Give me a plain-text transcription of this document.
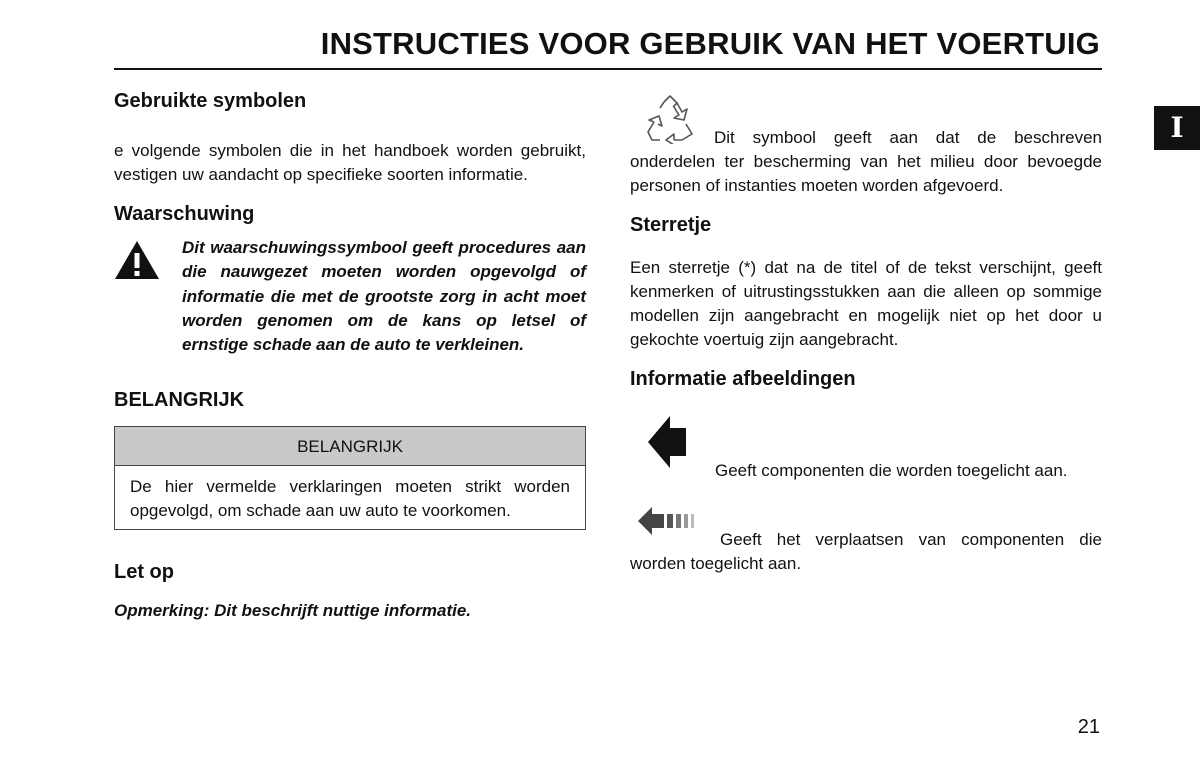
INSTRUCTIES VOOR GEBRUIK VAN HET VOERTUIG
I
Gebruikte symbolen
e volgende symbolen die in het handboek worden gebruikt, vestigen uw aandacht op specifieke soorten informatie.
Waarschuwing
Dit waarschuwingssymbool geeft procedures aan die nauwgezet moeten worden opgevolgd of informatie die met de grootste zorg in acht moet worden genomen om de kans op letsel of ernstige schade aan de auto te verkleinen.
BELANGRIJK
BELANGRIJK
De hier vermelde verklaringen moeten strikt worden opgevolgd, om schade aan uw auto te voorkomen.
Let op
Opmerking: Dit beschrijft nuttige informatie.
Dit symbool geeft aan dat de beschreven onderdelen ter bescherming van het milieu door bevoegde personen of instanties moeten worden afgevoerd.
Sterretje
Een sterretje (*) dat na de titel of de tekst verschijnt, geeft kenmerken of uitrustingsstukken aan die alleen op sommige modellen zijn aangebracht en mogelijk niet op het door u gekochte voertuig zijn aangebracht.
Informatie afbeeldingen
Geeft componenten die worden toegelicht aan.
Geeft het verplaatsen van componenten die worden toegelicht aan.
21
